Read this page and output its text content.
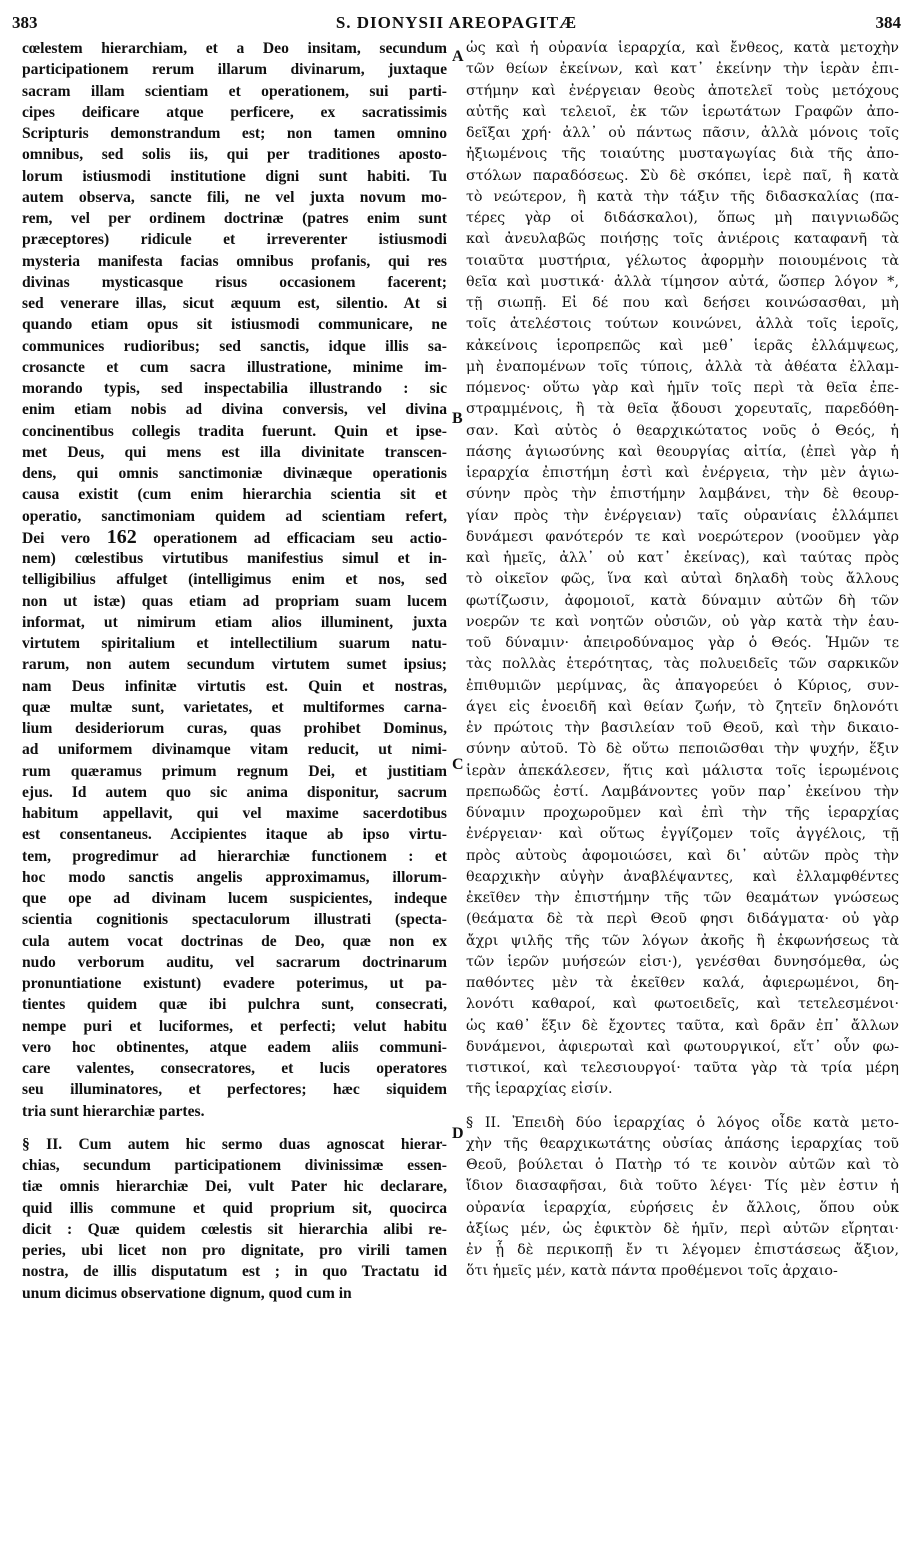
383	S. DIONYSII AREOPAGITÆ	384
cœlestem hierarchiam, et a Deo insitam, secundum
participationem rerum illarum divinarum, juxtaque
sacram illam scientiam et operationem, sui parti-
cipes deificare atque perficere, ex sacratissimis
Scripturis demonstrandum est; non tamen omnino
omnibus, sed solis iis, qui per traditiones aposto-
lorum istiusmodi institutione digni sunt habiti. Tu
autem observa, sancte fili, ne vel juxta novum mo-
rem, vel per ordinem doctrinæ (patres enim sunt
præceptores) ridicule et irreverenter istiusmodi
mysteria manifesta facias omnibus profanis, qui res
divinas mysticasque risus occasionem facerent;
sed venerare illas, sicut æquum est, silentio. At si
quando etiam opus sit istiusmodi communicare, ne
communices rudioribus; sed sanctis, idque illis sa-
crosancte et cum sacra illustratione, minime im-
morando typis, sed inspectabilia illustrando : sic
enim etiam nobis ad divina conversis, vel divina
concinentibus collegis tradita fuerunt. Quin et ipse-
met Deus, qui mens est illa divinitate transcen-
dens, qui omnis sanctimoniæ divinæque operationis
causa existit (cum enim hierarchia scientia sit et
operatio, sanctimoniam quidem ad scientiam refert,
Dei vero 162 operationem ad efficaciam seu actio-
nem) cœlestibus virtutibus manifestius simul et in-
telligibilius affulget (intelligimus enim et nos, sed
non ut istæ) quas etiam ad propriam suam lucem
informat, ut nimirum etiam alios illuminent, juxta
virtutem spiritalium et intellectilium suarum natu-
rarum, non autem secundum virtutem sumet ipsius;
nam Deus infinitæ virtutis est. Quin et nostras,
quæ multæ sunt, varietates, et multiformes carna-
lium desideriorum curas, quas prohibet Dominus,
ad uniformem divinamque vitam reducit, ut nimi-
rum quæramus primum regnum Dei, et justitiam
ejus. Id autem quo sic anima disponitur, sacrum
habitum appellavit, qui vel maxime sacerdotibus
est consentaneus. Accipientes itaque ab ipso virtu-
tem, progredimur ad hierarchiæ functionem : et
hoc modo sanctis angelis approximamus, illorum-
que ope ad divinam lucem suspicientes, indeque
scientia cognitionis spectaculorum illustrati (specta-
cula autem vocat doctrinas de Deo, quæ non ex
nudo verborum auditu, vel sacrarum doctrinarum
pronuntiatione existunt) evadere poterimus, ut pa-
tientes quidem quæ ibi pulchra sunt, consecrati,
nempe puri et luciformes, et perfecti; velut habitu
vero hoc obtinentes, atque eadem aliis communi-
care valentes, consecratores, et lucis operatores
seu illuminatores, et perfectores; hæc siquidem
tria sunt hierarchiæ partes.
§ II. Cum autem hic sermo duas agnoscat hierar-
chias, secundum participationem divinissimæ essen-
tiæ omnis hierarchiæ Dei, vult Pater hic declarare,
quid illis commune et quid proprium sit, quocirca
dicit : Quæ quidem cœlestis sit hierarchia alibi re-
peries, ubi licet non pro dignitate, pro virili tamen
nostra, de illis disputatum est ; in quo Tractatu id
unum dicimus observatione dignum, quod cum in
ὡς καὶ ἡ οὐρανία ἱεραρχία, καὶ ἔνθεος, κατὰ μετοχὴν
τῶν θείων ἐκείνων, καὶ κατ᾿ ἐκείνην τὴν ἱερὰν ἐπι-
στήμην καὶ ἐνέργειαν θεοὺς ἀποτελεῖ τοὺς μετόχους
αὐτῆς καὶ τελειοῖ, ἐκ τῶν ἱερωτάτων Γραφῶν ἀπο-
δεῖξαι χρή· ἀλλ᾿ οὐ πάντως πᾶσιν, ἀλλὰ μόνοις τοῖς
ἠξιωμένοις τῆς τοιαύτης μυσταγωγίας διὰ τῆς ἀπο-
στόλων παραδόσεως. Σὺ δὲ σκόπει, ἱερὲ παῖ, ἢ κατὰ
τὸ νεώτερον, ἢ κατὰ τὴν τάξιν τῆς διδασκαλίας (πα-
τέρες γὰρ οἱ διδάσκαλοι), ὅπως μὴ παιγνιωδῶς
καὶ ἀνευλαβῶς ποιήσῃς τοῖς ἀνιέροις καταφανῆ τὰ
τοιαῦτα μυστήρια, γέλωτος ἀφορμὴν ποιουμένοις τὰ
θεῖα καὶ μυστικά· ἀλλὰ τίμησον αὐτά, ὥσπερ λόγον *,
τῇ σιωπῇ. Εἰ δέ που καὶ δεήσει κοινώσασθαι, μὴ
τοῖς ἀτελέστοις τούτων κοινώνει, ἀλλὰ τοῖς ἱεροῖς,
κἀκείνοις ἱεροπρεπῶς καὶ μεθ᾿ ἱερᾶς ἐλλάμψεως,
μὴ ἐναπομένων τοῖς τύποις, ἀλλὰ τὰ ἀθέατα ἐλλαμ-
πόμενος· οὕτω γὰρ καὶ ἡμῖν τοῖς περὶ τὰ θεῖα ἐπε-
στραμμένοις, ἢ τὰ θεῖα ᾄδουσι χορευταῖς, παρεδόθη-
σαν. Καὶ αὐτὸς ὁ θεαρχικώτατος νοῦς ὁ Θεός, ἡ
πάσης ἁγιωσύνης καὶ θεουργίας αἰτία, (ἐπεὶ γὰρ ἡ
ἱεραρχία ἐπιστήμη ἐστὶ καὶ ἐνέργεια, τὴν μὲν ἁγιω-
σύνην πρὸς τὴν ἐπιστήμην λαμβάνει, τὴν δὲ θεουρ-
γίαν πρὸς τὴν ἐνέργειαν) ταῖς οὐρανίαις ἐλλάμπει
δυνάμεσι φανότερόν τε καὶ νοερώτερον (νοοῦμεν γὰρ
καὶ ἡμεῖς, ἀλλ᾿ οὐ κατ᾿ ἐκείνας), καὶ ταύτας πρὸς
τὸ οἰκεῖον φῶς, ἵνα καὶ αὐταὶ δηλαδὴ τοὺς ἄλλους
φωτίζωσιν, ἀφομοιοῖ, κατὰ δύναμιν αὐτῶν δὴ τῶν
νοερῶν τε καὶ νοητῶν οὐσιῶν, οὐ γὰρ κατὰ τὴν ἑαυ-
τοῦ δύναμιν· ἀπειροδύναμος γὰρ ὁ Θεός. Ἡμῶν τε
τὰς πολλὰς ἑτερότητας, τὰς πολυειδεῖς τῶν σαρκικῶν
ἐπιθυμιῶν μερίμνας, ἃς ἀπαγορεύει ὁ Κύριος, συν-
άγει εἰς ἑνοειδῆ καὶ θείαν ζωήν, τὸ ζητεῖν δηλονότι
ἐν πρώτοις τὴν βασιλείαν τοῦ Θεοῦ, καὶ τὴν δικαιο-
σύνην αὐτοῦ. Τὸ δὲ οὕτω πεποιῶσθαι τὴν ψυχήν, ἕξιν
ἱερὰν ἀπεκάλεσεν, ἥτις καὶ μάλιστα τοῖς ἱερωμένοις
πρεπωδῶς ἐστί. Λαμβάνοντες γοῦν παρ᾿ ἐκείνου τὴν
δύναμιν προχωροῦμεν καὶ ἐπὶ τὴν τῆς ἱεραρχίας
ἐνέργειαν· καὶ οὕτως ἐγγίζομεν τοῖς ἀγγέλοις, τῇ
πρὸς αὐτοὺς ἀφομοιώσει, καὶ δι᾿ αὐτῶν πρὸς τὴν
θεαρχικὴν αὐγὴν ἀναβλέψαντες, καὶ ἐλλαμφθέντες
ἐκεῖθεν τὴν ἐπιστήμην τῆς τῶν θεαμάτων γνώσεως
(θεάματα δὲ τὰ περὶ Θεοῦ φησι διδάγματα· οὐ γὰρ
ἄχρι ψιλῆς τῆς τῶν λόγων ἀκοῆς ἢ ἐκφωνήσεως τὰ
τῶν ἱερῶν μυήσεών εἰσι·), γενέσθαι δυνησόμεθα, ὡς
παθόντες μὲν τὰ ἐκεῖθεν καλά, ἀφιερωμένοι, δη-
λονότι καθαροί, καὶ φωτοειδεῖς, καὶ τετελεσμένοι·
ὡς καθ᾿ ἕξιν δὲ ἔχοντες ταῦτα, καὶ δρᾶν ἐπ᾿ ἄλλων
δυνάμενοι, ἀφιερωταὶ καὶ φωτουργικοί, εἴτ᾿ οὖν φω-
τιστικοί, καὶ τελεσιουργοί· ταῦτα γὰρ τὰ τρία μέρη
τῆς ἱεραρχίας εἰσίν.
§ II. Ἐπειδὴ δύο ἱεραρχίας ὁ λόγος οἶδε κατὰ μετο-
χὴν τῆς θεαρχικωτάτης οὐσίας ἁπάσης ἱεραρχίας τοῦ
Θεοῦ, βούλεται ὁ Πατὴρ τό τε κοινὸν αὐτῶν καὶ τὸ
ἴδιον διασαφῆσαι, διὰ τοῦτο λέγει· Τίς μὲν ἐστιν ἡ
οὐρανία ἱεραρχία, εὑρήσεις ἐν ἄλλοις, ὅπου οὐκ
ἀξίως μέν, ὡς ἐφικτὸν δὲ ἡμῖν, περὶ αὐτῶν εἴρηται·
ἐν ᾗ δὲ περικοπῇ ἔν τι λέγομεν ἐπιστάσεως ἄξιον,
ὅτι ἡμεῖς μέν, κατὰ πάντα προθέμενοι τοῖς ἀρχαιο-
A
B
C
D
